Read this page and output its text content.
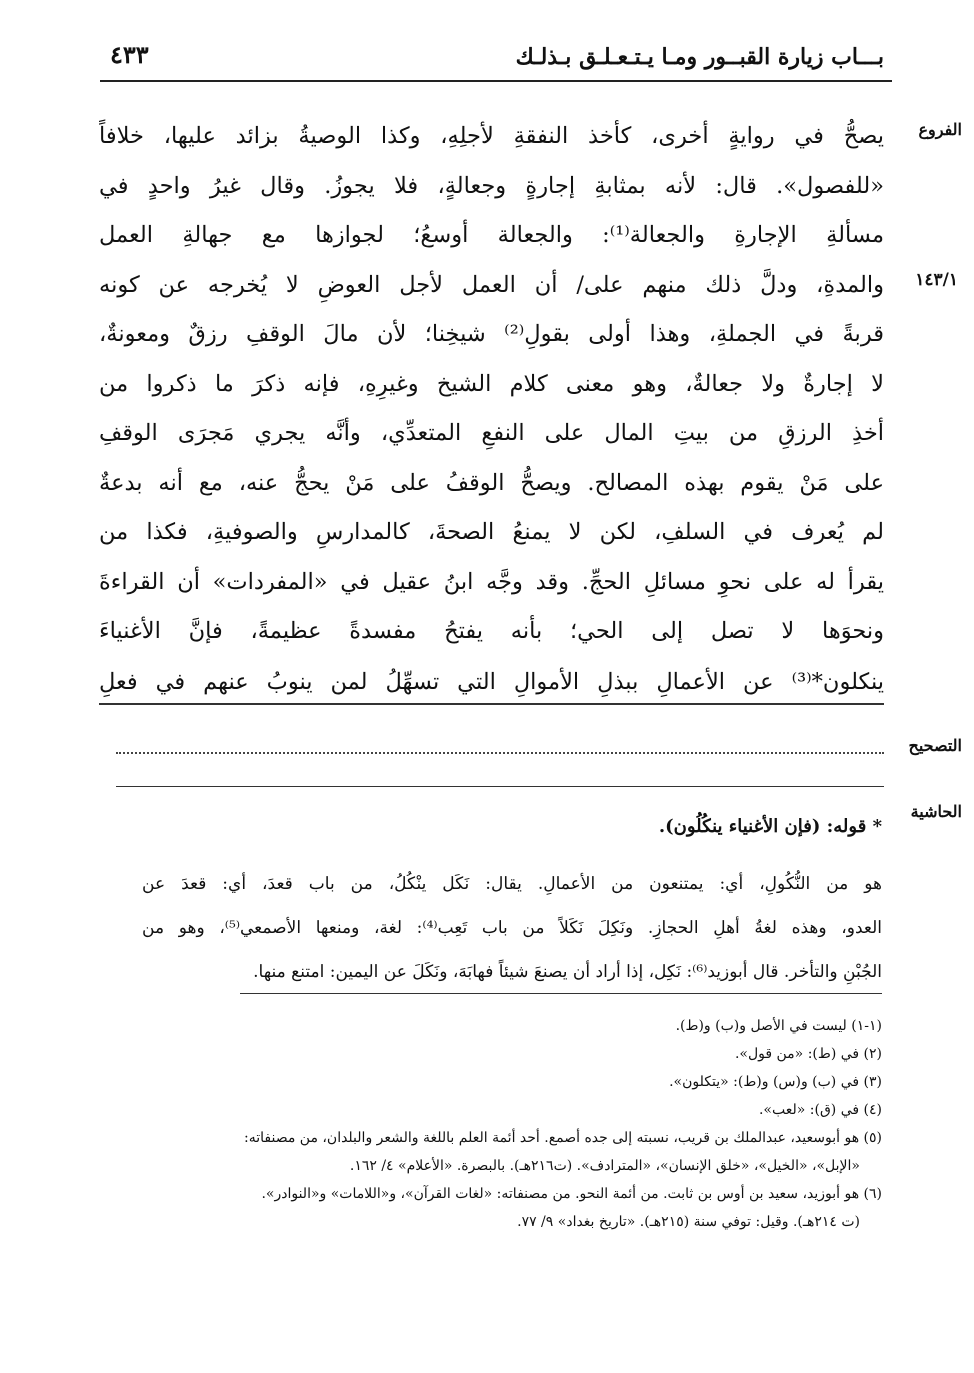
بـــاب زيارة القبــور ومـا يـتـعـلـق بـذلـك
٤٣٣
الفروع
١٤٣/١
يصحُّ في روايةٍ أخرى، كأخذ النفقةِ لأجلِهِ، وكذا الوصيةُ بزائد عليها، خلافاً
«للفصول». قال: لأنه بمثابةِ إجارةٍ وجعالةٍ، فلا يجوزُ. وقال غيرُ واحدٍ في
مسألةِ الإجارةِ والجعالة⁽¹⁾: والجعالة أوسعُ؛ لجوازها مع جهالةِ العمل
والمدةِ، ودلَّ ذلك منهم على/ أن العمل لأجل العوضِ لا يُخرجه عن كونه
قربةً في الجملةِ، وهذا أولى بقولِ⁽²⁾ شيخِنا؛ لأن مالَ الوقفِ رزقٌ ومعونةٌ،
لا إجارةٌ ولا جعالةٌ، وهو معنى كلام الشيخ وغيرِهِ، فإنه ذكرَ ما ذكروا من
أخذِ الرزقِ من بيتِ المال على النفعِ المتعدِّي، وأنَّه يجري مَجرَى الوقفِ
على مَنْ يقوم بهذه المصالح. ويصحُّ الوقفُ على مَنْ يحجُّ عنه، مع أنه بدعةٌ
لم يُعرف في السلفِ، لكن لا يمنعُ الصحةَ، كالمدارسِ والصوفيةِ، فكذا من
يقرأ له على نحوِ مسائلِ الحجِّ. وقد وجَّه ابنُ عقيل في «المفردات» أن القراءةَ
ونحوَها لا تصل إلى الحي؛ بأنه يفتحُ مفسدةً عظيمةً، فإنَّ الأغنياءَ
ينكلون*⁽³⁾ عن الأعمالِ ببذلِ الأموالِ التي تسهِّلُ لمن ينوبُ عنهم في فعلِ
التصحيح
الحاشية
* قوله: (فإن الأغنياء ينكُلُون).
هو من النُّكُولِ، أي: يمتنعون من الأعمالِ. يقال: نَكَل ينْكُلُ، من باب قعدَ، أي: قعدَ عن
العدو، وهذه لغةُ أهلِ الحجازِ. ونَكِلَ نَكَلاً من باب تَعِب⁽⁴⁾: لغة، ومنعها الأصمعي⁽⁵⁾، وهو من
الجُبْنِ والتأخر. قال أبوزيد⁽⁶⁾: نَكِل، إذا أراد أن يصنعَ شيئاً فهابَهَ، ونَكَلَ عن اليمين: امتنع منها.
(١-١) ليست في الأصل و(ب) و(ط).
(٢) في (ط): «من قول».
(٣) في (ب) و(س) و(ط): «يتكلون».
(٤) في (ق): «لعب».
(٥) هو أبوسعيد، عبدالملك بن قريب، نسبته إلى جده أصمع. أحد أئمة العلم باللغة والشعر والبلدان، من مصنفاته:
«الإبل»، «الخيل»، «خلق الإنسان»، «المترادف». (ت٢١٦هـ). بالبصرة. «الأعلام» ٤/ ١٦٢.
(٦) هو أبوزيد، سعيد بن أوس بن ثابت. من أئمة النحو. من مصنفاته: «لغات القرآن»، و«اللامات» و«النوادر».
(ت ٢١٤هـ). وقيل: توفي سنة (٢١٥هـ). «تاريخ بغداد» ٩/ ٧٧.
